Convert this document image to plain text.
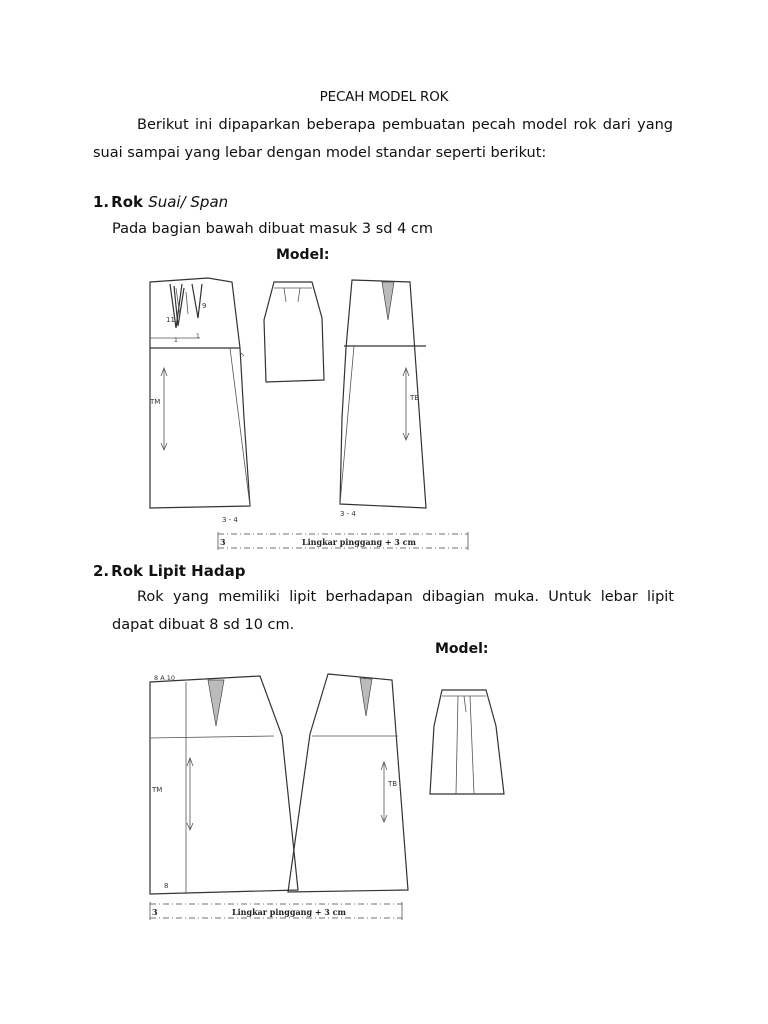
PECAH MODEL ROK
Berikut ini dipaparkan beberapa pembuatan pecah model rok dari yang suai sampai yang lebar dengan model standar seperti berikut:
1. Rok Suai/ Span
Pada bagian bawah dibuat masuk 3 sd 4 cm
Model:
TM
9
11
1
1
3 - 4
TB
3 - 4
3	Lingkar pinggang + 3 cm
2. Rok Lipit Hadap
Rok yang memiliki lipit berhadapan dibagian muka. Untuk lebar lipit dapat dibuat 8 sd 10 cm.
Model:
8 A 10
TM
8
TB
3	Lingkar pinggang + 3 cm
